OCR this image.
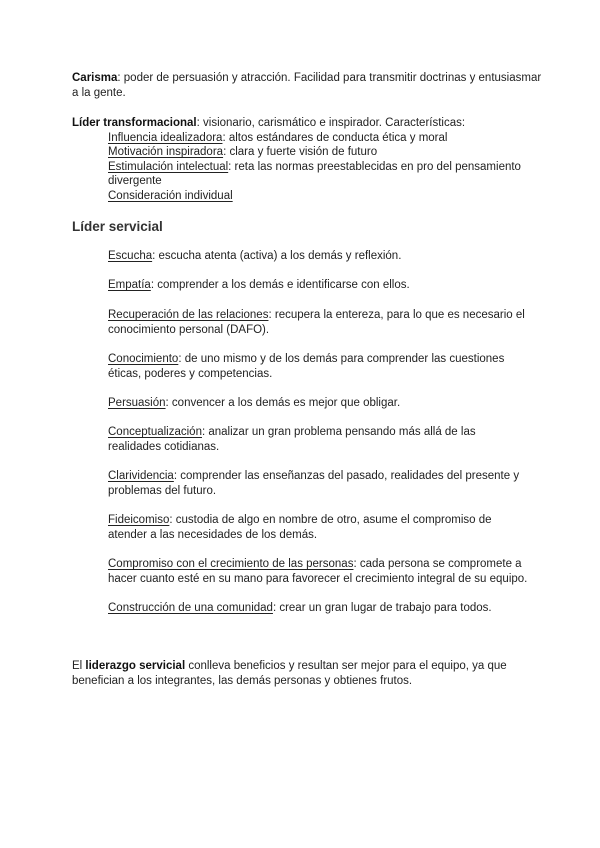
Carisma: poder de persuasión y atracción. Facilidad para transmitir doctrinas y entusiasmar a la gente.
Líder transformacional: visionario, carismático e inspirador. Características:
Influencia idealizadora: altos estándares de conducta ética y moral
Motivación inspiradora: clara y fuerte visión de futuro
Estimulación intelectual: reta las normas preestablecidas en pro del pensamiento divergente
Consideración individual
Líder servicial
Escucha: escucha atenta (activa) a los demás y reflexión.
Empatía: comprender a los demás e identificarse con ellos.
Recuperación de las relaciones: recupera la entereza, para lo que es necesario el conocimiento personal (DAFO).
Conocimiento: de uno mismo y de los demás para comprender las cuestiones éticas, poderes y competencias.
Persuasión: convencer a los demás es mejor que obligar.
Conceptualización: analizar un gran problema pensando más allá de las realidades cotidianas.
Clarividencia: comprender las enseñanzas del pasado, realidades del presente y problemas del futuro.
Fideicomiso: custodia de algo en nombre de otro, asume el compromiso de atender a las necesidades de los demás.
Compromiso con el crecimiento de las personas: cada persona se compromete a hacer cuanto esté en su mano para favorecer el crecimiento integral de su equipo.
Construcción de una comunidad: crear un gran lugar de trabajo para todos.
El liderazgo servicial conlleva beneficios y resultan ser mejor para el equipo, ya que benefician a los integrantes, las demás personas y obtienes frutos.
